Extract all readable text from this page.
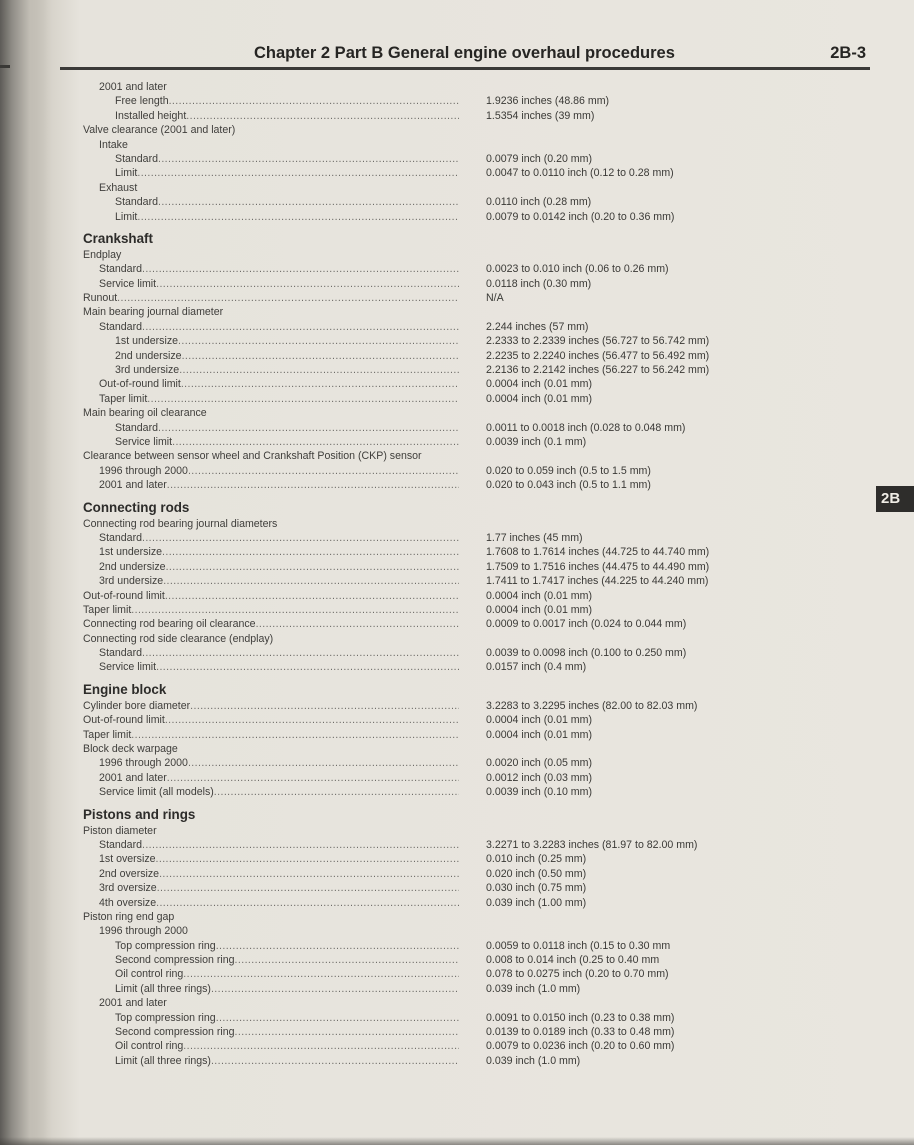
Chapter 2 Part B General engine overhaul procedures	2B-3
2001 and later
Free length .....	1.9236 inches (48.86 mm)
Installed height .....	1.5354 inches (39 mm)
Valve clearance (2001 and later)
Intake
Standard .....	0.0079 inch (0.20 mm)
Limit .....	0.0047 to 0.0110 inch (0.12 to 0.28 mm)
Exhaust
Standard .....	0.0110 inch (0.28 mm)
Limit .....	0.0079 to 0.0142 inch (0.20 to 0.36 mm)
Crankshaft
Endplay
Standard .....	0.0023 to 0.010 inch (0.06 to 0.26 mm)
Service limit .....	0.0118 inch (0.30 mm)
Runout .....	N/A
Main bearing journal diameter
Standard .....	2.244 inches (57 mm)
1st undersize .....	2.2333 to 2.2339 inches (56.727 to 56.742 mm)
2nd undersize .....	2.2235 to 2.2240 inches (56.477 to 56.492 mm)
3rd undersize .....	2.2136 to 2.2142 inches (56.227 to 56.242 mm)
Out-of-round limit .....	0.0004 inch (0.01 mm)
Taper limit .....	0.0004 inch (0.01 mm)
Main bearing oil clearance
Standard .....	0.0011 to 0.0018 inch (0.028 to 0.048 mm)
Service limit .....	0.0039 inch (0.1 mm)
Clearance between sensor wheel and Crankshaft Position (CKP) sensor
1996 through 2000 .....	0.020 to 0.059 inch (0.5 to 1.5 mm)
2001 and later .....	0.020 to 0.043 inch (0.5 to 1.1 mm)
Connecting rods
Connecting rod bearing journal diameters
Standard .....	1.77 inches (45 mm)
1st undersize .....	1.7608 to 1.7614 inches (44.725 to 44.740 mm)
2nd undersize .....	1.7509 to 1.7516 inches (44.475 to 44.490 mm)
3rd undersize .....	1.7411 to 1.7417 inches (44.225 to 44.240 mm)
Out-of-round limit .....	0.0004 inch (0.01 mm)
Taper limit .....	0.0004 inch (0.01 mm)
Connecting rod bearing oil clearance .....	0.0009 to 0.0017 inch (0.024 to 0.044 mm)
Connecting rod side clearance (endplay)
Standard .....	0.0039 to 0.0098 inch (0.100 to 0.250 mm)
Service limit .....	0.0157 inch (0.4 mm)
Engine block
Cylinder bore diameter .....	3.2283 to 3.2295 inches (82.00 to 82.03 mm)
Out-of-round limit .....	0.0004 inch (0.01 mm)
Taper limit .....	0.0004 inch (0.01 mm)
Block deck warpage
1996 through 2000 .....	0.0020 inch (0.05 mm)
2001 and later .....	0.0012 inch (0.03 mm)
Service limit (all models) .....	0.0039 inch (0.10 mm)
Pistons and rings
Piston diameter
Standard .....	3.2271 to 3.2283 inches (81.97 to 82.00 mm)
1st oversize .....	0.010 inch (0.25 mm)
2nd oversize .....	0.020 inch (0.50 mm)
3rd oversize .....	0.030 inch (0.75 mm)
4th oversize .....	0.039 inch (1.00 mm)
Piston ring end gap
1996 through 2000
Top compression ring .....	0.0059 to 0.0118 inch (0.15 to 0.30 mm
Second compression ring .....	0.008 to 0.014 inch (0.25 to 0.40 mm
Oil control ring .....	0.078 to 0.0275 inch (0.20 to 0.70 mm)
Limit (all three rings) .....	0.039 inch (1.0 mm)
2001 and later
Top compression ring .....	0.0091 to 0.0150 inch (0.23 to 0.38 mm)
Second compression ring .....	0.0139 to 0.0189 inch (0.33 to 0.48 mm)
Oil control ring .....	0.0079 to 0.0236 inch (0.20 to 0.60 mm)
Limit (all three rings) .....	0.039 inch (1.0 mm)
2B
